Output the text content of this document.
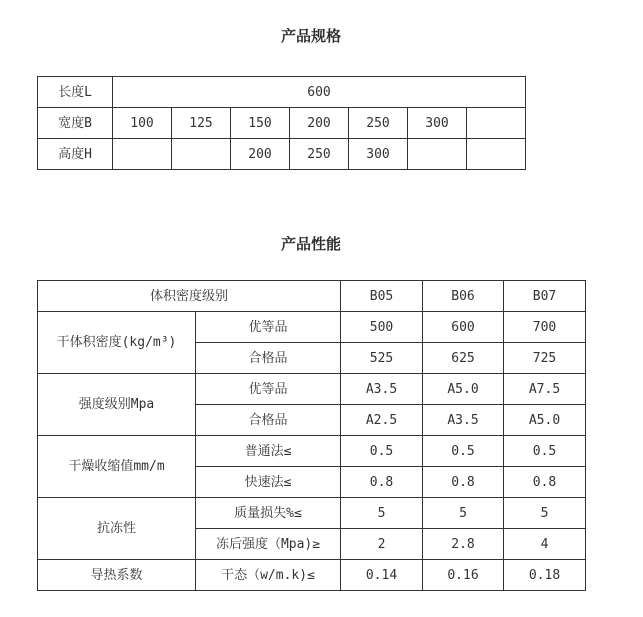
产品规格
长度L	600						
宽度B	100	125	150	200	250	300	
高度H			200	250	300		
产品性能
体积密度级别		B05	B06	B07
干体积密度(kg/m³)	优等品	500	600	700
	合格品	525	625	725
强度级别Mpa	优等品	A3.5	A5.0	A7.5
	合格品	A2.5	A3.5	A5.0
干燥收缩值mm/m	普通法≤	0.5	0.5	0.5
	快速法≤	0.8	0.8	0.8
抗冻性	质量损失%≤	5	5	5
	冻后强度（Mpa)≥	2	2.8	4
导热系数	干态（w/m.k)≤	0.14	0.16	0.18
